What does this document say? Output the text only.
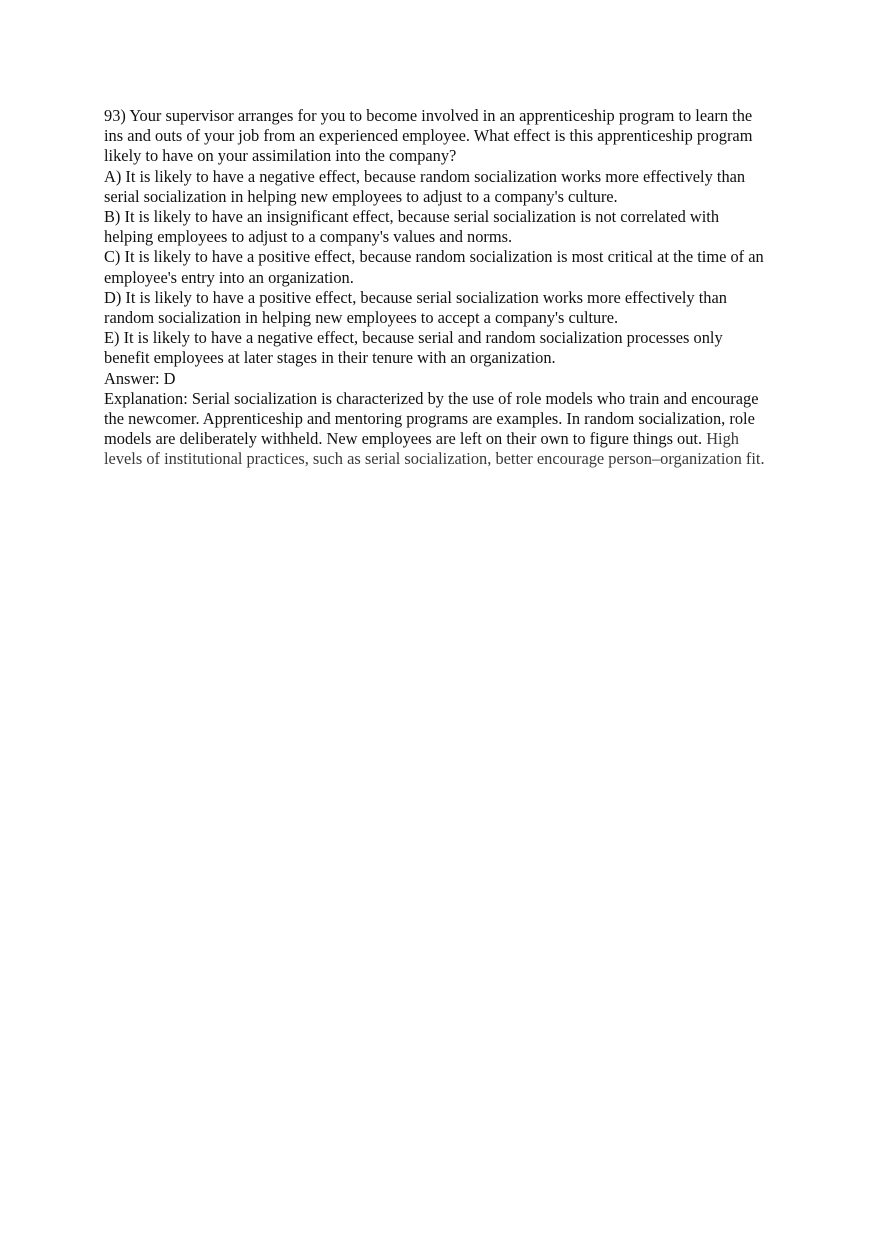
93) Your supervisor arranges for you to become involved in an apprenticeship program to learn the ins and outs of your job from an experienced employee. What effect is this apprenticeship program likely to have on your assimilation into the company?

A) It is likely to have a negative effect, because random socialization works more effectively than serial socialization in helping new employees to adjust to a company's culture.

B) It is likely to have an insignificant effect, because serial socialization is not correlated with helping employees to adjust to a company's values and norms.

C) It is likely to have a positive effect, because random socialization is most critical at the time of an employee's entry into an organization.

D) It is likely to have a positive effect, because serial socialization works more effectively than random socialization in helping new employees to accept a company's culture.

E) It is likely to have a negative effect, because serial and random socialization processes only benefit employees at later stages in their tenure with an organization.

Answer: D

Explanation: Serial socialization is characterized by the use of role models who train and encourage the newcomer. Apprenticeship and mentoring programs are examples. In random socialization, role models are deliberately withheld. New employees are left on their own to figure things out. High levels of institutional practices, such as serial socialization, better encourage person–organization fit.
